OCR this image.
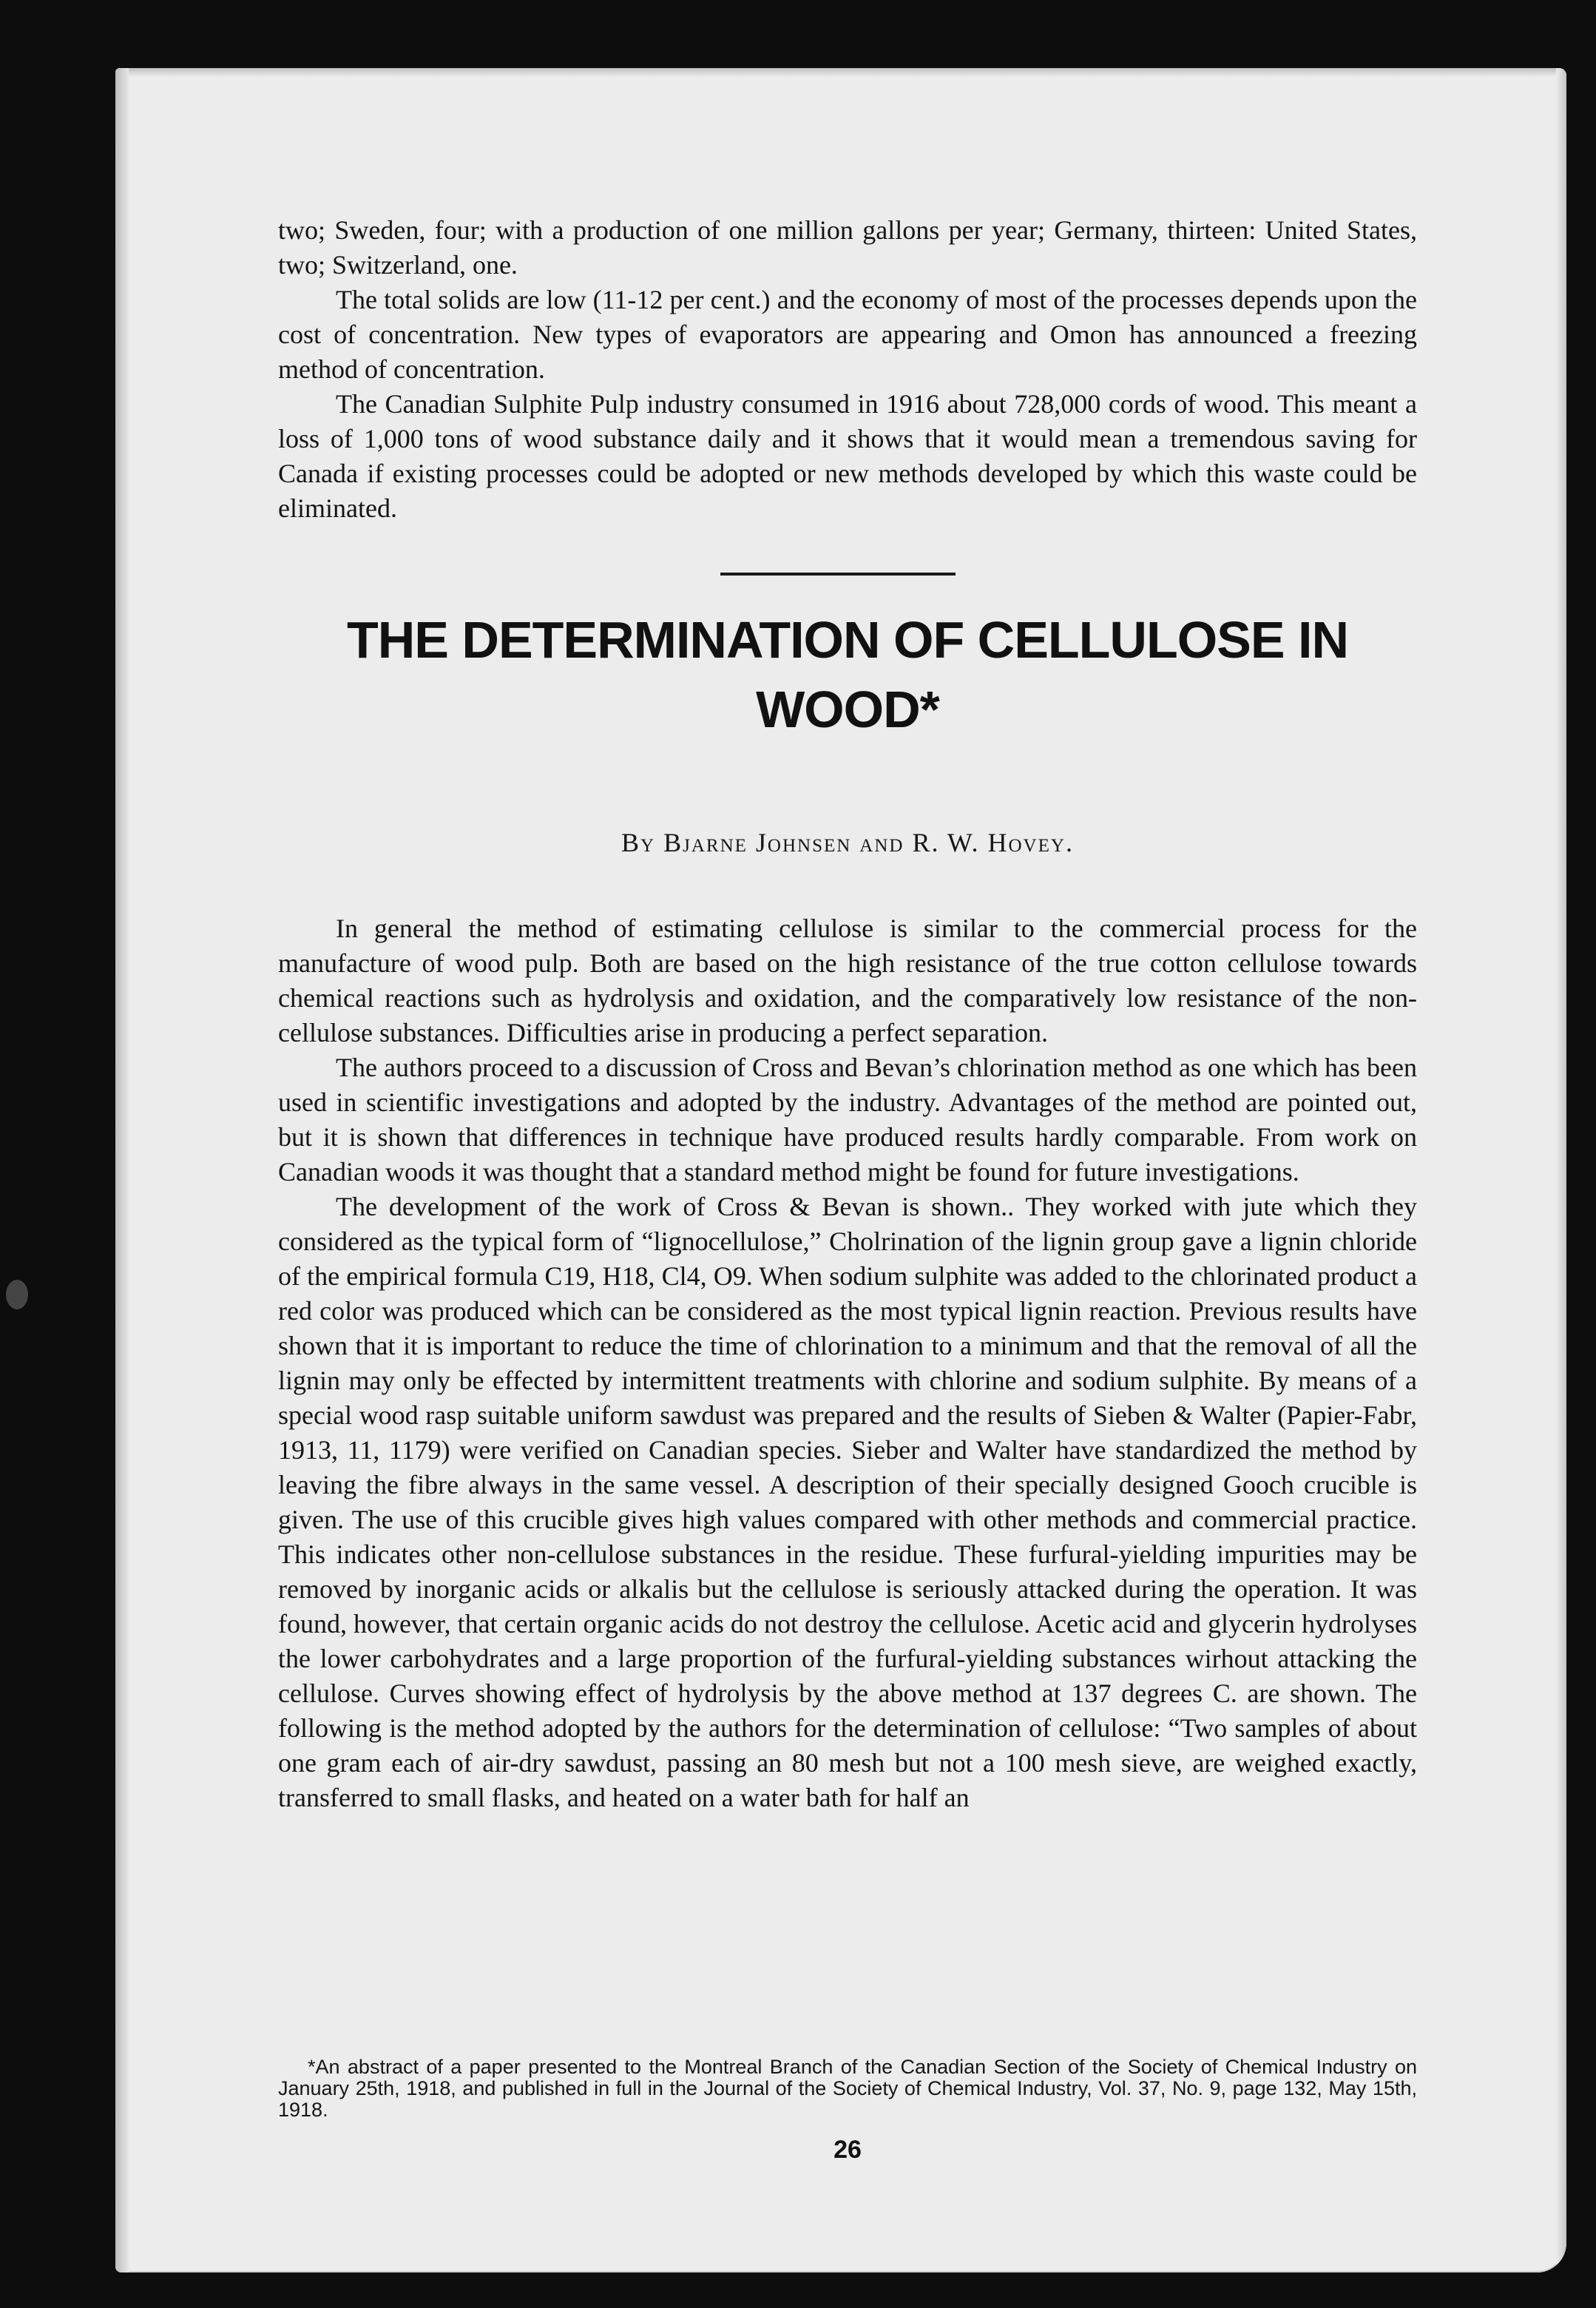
two; Sweden, four; with a production of one million gallons per year; Germany, thirteen: United States, two; Switzerland, one.

The total solids are low (11-12 per cent.) and the economy of most of the processes depends upon the cost of concentration. New types of evaporators are appearing and Omon has announced a freezing method of concentration.

The Canadian Sulphite Pulp industry consumed in 1916 about 728,000 cords of wood. This meant a loss of 1,000 tons of wood substance daily and it shows that it would mean a tremendous saving for Canada if existing processes could be adopted or new methods developed by which this waste could be eliminated.

THE DETERMINATION OF CELLULOSE IN WOOD*

By Bjarne Johnsen and R. W. Hovey.

In general the method of estimating cellulose is similar to the commercial process for the manufacture of wood pulp. Both are based on the high resistance of the true cotton cellulose towards chemical reactions such as hydrolysis and oxidation, and the comparatively low resistance of the non-cellulose substances. Difficulties arise in producing a perfect separation.

The authors proceed to a discussion of Cross and Bevan’s chlorination method as one which has been used in scientific investigations and adopted by the industry. Advantages of the method are pointed out, but it is shown that differences in technique have produced results hardly comparable. From work on Canadian woods it was thought that a standard method might be found for future investigations.

The development of the work of Cross & Bevan is shown.. They worked with jute which they considered as the typical form of “lignocellulose,” Cholrination of the lignin group gave a lignin chloride of the empirical formula C19, H18, Cl4, O9. When sodium sulphite was added to the chlorinated product a red color was produced which can be considered as the most typical lignin reaction. Previous results have shown that it is important to reduce the time of chlorination to a minimum and that the removal of all the lignin may only be effected by intermittent treatments with chlorine and sodium sulphite. By means of a special wood rasp suitable uniform sawdust was prepared and the results of Sieben & Walter (Papier-Fabr, 1913, 11, 1179) were verified on Canadian species. Sieber and Walter have standardized the method by leaving the fibre always in the same vessel. A description of their specially designed Gooch crucible is given. The use of this crucible gives high values compared with other methods and commercial practice. This indicates other non-cellulose substances in the residue. These furfural-yielding impurities may be removed by inorganic acids or alkalis but the cellulose is seriously attacked during the operation. It was found, however, that certain organic acids do not destroy the cellulose. Acetic acid and glycerin hydrolyses the lower carbohydrates and a large proportion of the furfural-yielding substances wirhout attacking the cellulose. Curves showing effect of hydrolysis by the above method at 137 degrees C. are shown. The following is the method adopted by the authors for the determination of cellulose: “Two samples of about one gram each of air-dry sawdust, passing an 80 mesh but not a 100 mesh sieve, are weighed exactly, transferred to small flasks, and heated on a water bath for half an

*An abstract of a paper presented to the Montreal Branch of the Canadian Section of the Society of Chemical Industry on January 25th, 1918, and published in full in the Journal of the Society of Chemical Industry, Vol. 37, No. 9, page 132, May 15th, 1918.

26
